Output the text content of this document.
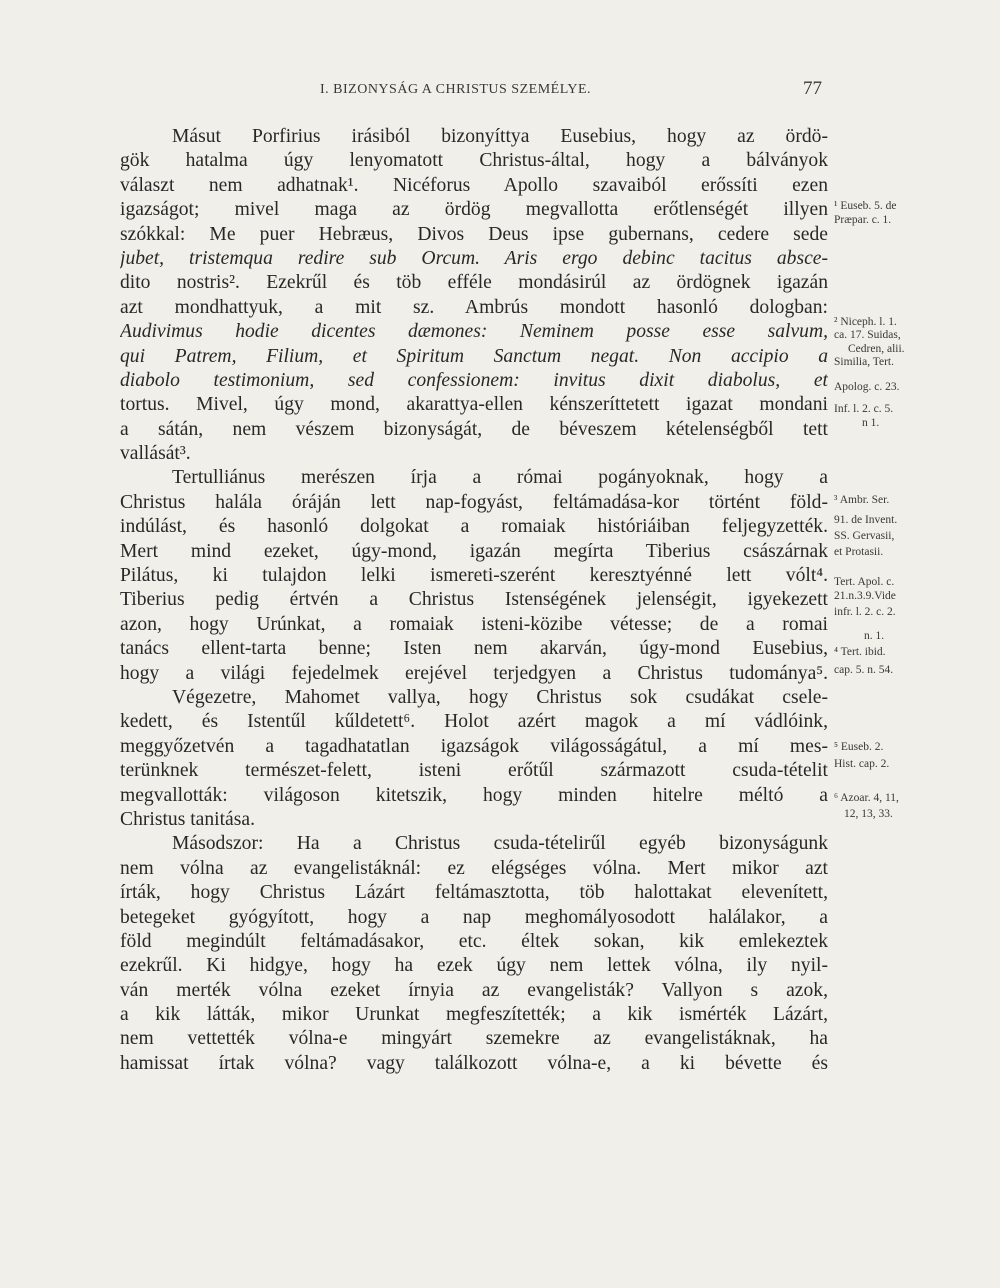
I. BIZONYSÁG A CHRISTUS SZEMÉLYE.	77
Másut Porfirius irásiból bizonyíttya Eusebius, hogy az ördö-
gök hatalma úgy lenyomatott Christus-által, hogy a bálványok
választ nem adhatnak¹. Nicéforus Apollo szavaiból erőssíti ezen
igazságot; mivel maga az ördög megvallotta erőtlenségét illyen
szókkal: Me puer Hebræus, Divos Deus ipse gubernans, cedere sede
jubet, tristemqua redire sub Orcum. Aris ergo debinc tacitus absce-
dito nostris². Ezekrűl és töb efféle mondásirúl az ördögnek igazán
azt mondhattyuk, a mit sz. Ambrús mondott hasonló dologban:
Audivimus hodie dicentes dæmones: Neminem posse esse salvum,
qui Patrem, Filium, et Spiritum Sanctum negat. Non accipio a
diabolo testimonium, sed confessionem: invitus dixit diabolus, et
tortus. Mivel, úgy mond, akarattya-ellen kénszeríttetett igazat mondani
a sátán, nem vészem bizonyságát, de béveszem kételenségből tett
vallását³.
Tertulliánus merészen írja a római pogányoknak, hogy a
Christus halála óráján lett nap-fogyást, feltámadása-kor történt föld-
indúlást, és hasonló dolgokat a romaiak históriáiban feljegyzették.
Mert mind ezeket, úgy-mond, igazán megírta Tiberius császárnak
Pilátus, ki tulajdon lelki ismereti-szerént keresztyénné lett vólt⁴.
Tiberius pedig értvén a Christus Istenségének jelenségit, igyekezett
azon, hogy Urúnkat, a romaiak isteni-közibe vétesse; de a romai
tanács ellent-tarta benne; Isten nem akarván, úgy-mond Eusebius,
hogy a világi fejedelmek erejével terjedgyen a Christus tudománya⁵.
Végezetre, Mahomet vallya, hogy Christus sok csudákat csele-
kedett, és Istentűl kűldetett⁶. Holot azért magok a mí vádlóink,
meggyőzetvén a tagadhatatlan igazságok világosságátul, a mí mes-
terünknek természet-felett, isteni erőtűl származott csuda-tételit
megvallották: világoson kitetszik, hogy minden hitelre méltó a
Christus tanitása.
Másodszor: Ha a Christus csuda-tételirűl egyéb bizonyságunk
nem vólna az evangelistáknál: ez elégséges vólna. Mert mikor azt
írták, hogy Christus Lázárt feltámasztotta, töb halottakat elevenített,
betegeket gyógyított, hogy a nap meghomályosodott halálakor, a
föld megindúlt feltámadásakor, etc. éltek sokan, kik emlekeztek
ezekrűl. Ki hidgye, hogy ha ezek úgy nem lettek vólna, ily nyil-
ván merték vólna ezeket írnyia az evangelisták? Vallyon s azok,
a kik látták, mikor Urunkat megfeszítették; a kik ismérték Lázárt,
nem vettették vólna-e mingyárt szemekre az evangelistáknak, ha
hamissat írtak vólna? vagy találkozott vólna-e, a ki bévette és
¹ Euseb. 5. de
Præpar. c. 1.
² Niceph. l. 1.
ca. 17. Suidas,
Cedren, alii.
Similia, Tert.
Apolog. c. 23.
Inf. l. 2. c. 5.
n 1.
³ Ambr. Ser.
91. de Invent.
SS. Gervasii,
et Protasii.
Tert. Apol. c.
21.n.3.9.Vide
infr. l. 2. c. 2.
n. 1.
⁴ Tert. ibid.
cap. 5. n. 54.
⁵ Euseb. 2.
Hist. cap. 2.
⁶ Azoar. 4, 11,
12, 13, 33.
